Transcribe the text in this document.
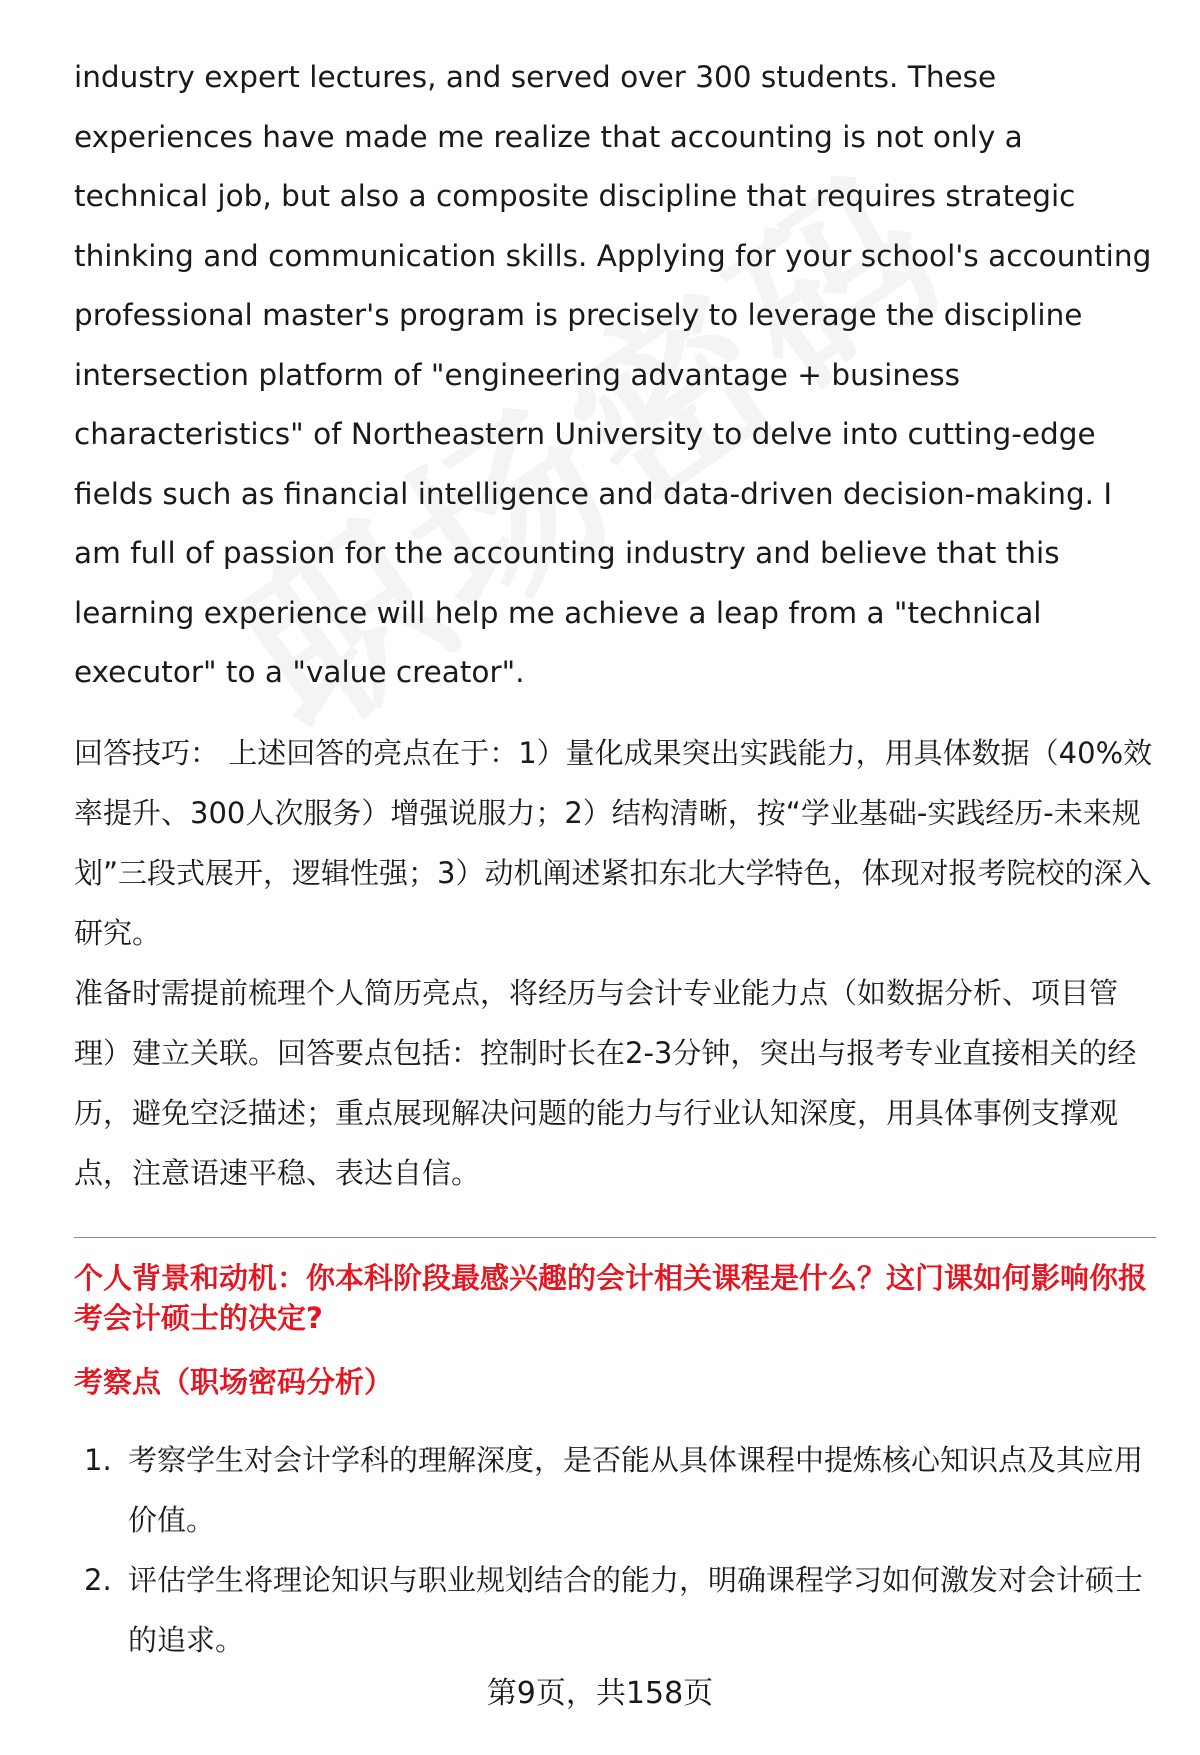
industry expert lectures, and served over 300 students. These experiences have made me realize that accounting is not only a technical job, but also a composite discipline that requires strategic thinking and communication skills. Applying for your school's accounting professional master's program is precisely to leverage the discipline intersection platform of "engineering advantage + business characteristics" of Northeastern University to delve into cutting-edge fields such as financial intelligence and data-driven decision-making. I am full of passion for the accounting industry and believe that this learning experience will help me achieve a leap from a "technical executor" to a "value creator".

回答技巧： 上述回答的亮点在于：1）量化成果突出实践能力，用具体数据（40%效率提升、300人次服务）增强说服力；2）结构清晰，按“学业基础-实践经历-未来规划”三段式展开，逻辑性强；3）动机阐述紧扣东北大学特色，体现对报考院校的深入研究。

准备时需提前梳理个人简历亮点，将经历与会计专业能力点（如数据分析、项目管理）建立关联。回答要点包括：控制时长在2-3分钟，突出与报考专业直接相关的经历，避免空泛描述；重点展现解决问题的能力与行业认知深度，用具体事例支撑观点，注意语速平稳、表达自信。

个人背景和动机：你本科阶段最感兴趣的会计相关课程是什么？这门课如何影响你报考会计硕士的决定?

考察点（职场密码分析）

1. 考察学生对会计学科的理解深度，是否能从具体课程中提炼核心知识点及其应用价值。
2. 评估学生将理论知识与职业规划结合的能力，明确课程学习如何激发对会计硕士的追求。
第9页，共158页
